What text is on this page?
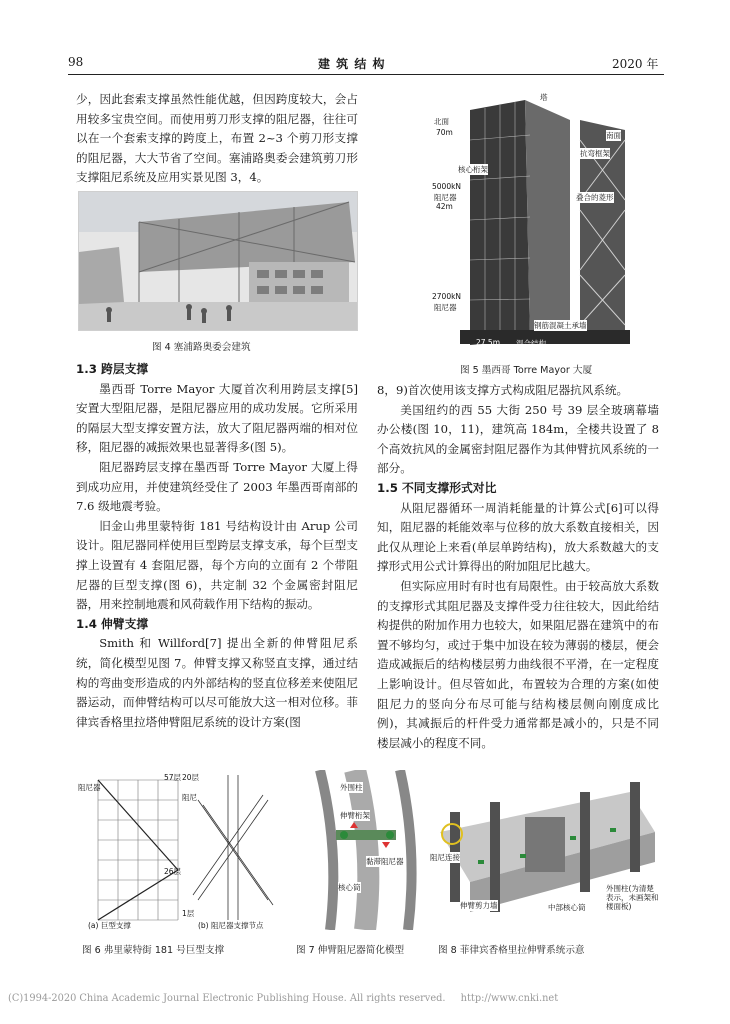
98	建 筑 结 构	2020 年

少，因此套索支撑虽然性能优越，但因跨度较大，会占用较多宝贵空间。而使用剪刀形支撑的阻尼器，往往可以在一个套索支撑的跨度上，布置 2~3 个剪刀形支撑的阻尼器，大大节省了空间。塞浦路奥委会建筑剪刀形支撑阻尼系统及应用实景见图 3，4。

图 4 塞浦路奥委会建筑
1.3 跨层支撑

墨西哥 Torre Mayor 大厦首次利用跨层支撑[5]安置大型阻尼器，是阻尼器应用的成功发展。它所采用的隔层大型支撑安置方法，放大了阻尼器两端的相对位移，阻尼器的减振效果也显著得多(图 5)。

阻尼器跨层支撑在墨西哥 Torre Mayor 大厦上得到成功应用，并使建筑经受住了 2003 年墨西哥南部的 7.6 级地震考验。

旧金山弗里蒙特街 181 号结构设计由 Arup 公司设计。阻尼器同样使用巨型跨层支撑支承，每个巨型支撑上设置有 4 套阻尼器，每个方向的立面有 2 个带阻尼器的巨型支撑(图 6)，共定制 32 个金属密封阻尼器，用来控制地震和风荷载作用下结构的振动。

1.4 伸臂支撑

Smith 和 Willford[7] 提出全新的伸臂阻尼系统，简化模型见图 7。伸臂支撑又称竖直支撑，通过结构的弯曲变形造成的内外部结构的竖直位移差来使阻尼器运动，而伸臂结构可以尽可能放大这一相对位移。菲律宾香格里拉塔伸臂阻尼系统的设计方案(图

塔
北面
70m	南面
抗弯框架
核心桁架
5000kN
阻尼器
42m
叠合的菱形
2700kN
阻尼器
钢筋混凝土承墙
27.5m 混合结构
图 5 墨西哥 Torre Mayor 大厦

8，9)首次使用该支撑方式构成阻尼器抗风系统。

美国纽约的西 55 大街 250 号 39 层全玻璃幕墙办公楼(图 10，11)，建筑高 184m，全楼共设置了 8 个高效抗风的金属密封阻尼器作为其伸臂抗风系统的一部分。

1.5 不同支撑形式对比

从阻尼器循环一周消耗能量的计算公式[6]可以得知，阻尼器的耗能效率与位移的放大系数直接相关，因此仅从理论上来看(单层单跨结构)，放大系数越大的支撑形式用公式计算得出的附加阻尼比越大。

但实际应用时有时也有局限性。由于较高放大系数的支撑形式其阻尼器及支撑件受力往往较大，因此给结构提供的附加作用力也较大，如果阻尼器在建筑中的布置不够均匀，或过于集中加设在较为薄弱的楼层，便会造成减振后的结构楼层剪力曲线很不平滑，在一定程度上影响设计。但尽管如此，布置较为合理的方案(如使阻尼力的竖向分布尽可能与结构楼层侧向刚度成比例)，其减振后的杆件受力通常都是减小的，只是不同楼层减小的程度不同。

阻尼器
57层
26层
20层
阻尼
1层
(a) 巨型支撑	(b) 阻尼器支撑节点
图 6 弗里蒙特街 181 号巨型支撑
外围柱
伸臂桁架
黏滞阻尼器
核心筒
图 7 伸臂阻尼器简化模型
阻尼连接
伸臂剪力墙	中部核心筒
外围柱(为清楚表示，未画架和楼面板)
图 8 菲律宾香格里拉伸臂系统示意
(C)1994-2020 China Academic Journal Electronic Publishing House. All rights reserved. http://www.cnki.net
